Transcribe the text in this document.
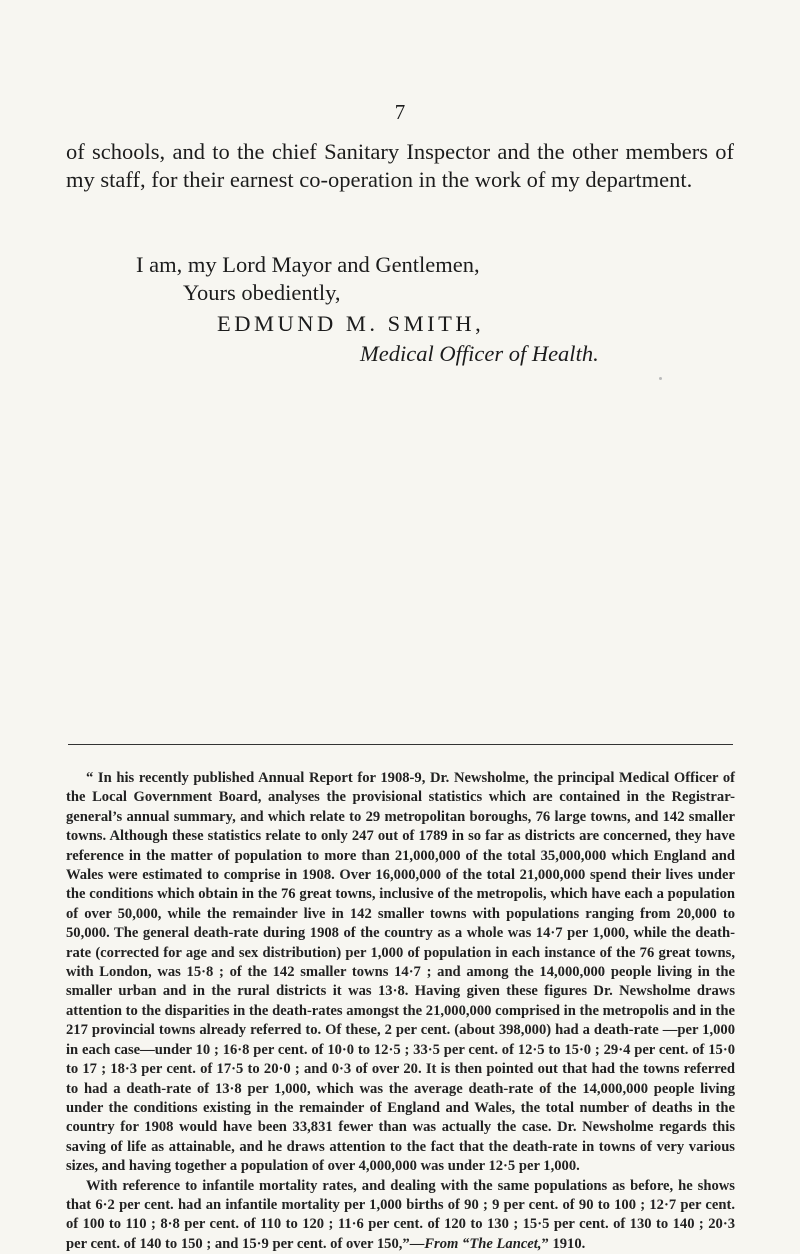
7

of schools, and to the chief Sanitary Inspector and the other members of my staff, for their earnest co-operation in the work of my department.

I am, my Lord Mayor and Gentlemen,
Yours obediently,
EDMUND M. SMITH,
Medical Officer of Health.

“ In his recently published Annual Report for 1908-9, Dr. Newsholme, the principal Medical Officer of the Local Government Board, analyses the provisional statistics which are contained in the Registrar-general’s annual summary, and which relate to 29 metropolitan boroughs, 76 large towns, and 142 smaller towns. Although these statistics relate to only 247 out of 1789 in so far as districts are concerned, they have reference in the matter of population to more than 21,000,000 of the total 35,000,000 which England and Wales were estimated to comprise in 1908. Over 16,000,000 of the total 21,000,000 spend their lives under the conditions which obtain in the 76 great towns, inclusive of the metropolis, which have each a population of over 50,000, while the remainder live in 142 smaller towns with populations ranging from 20,000 to 50,000. The general death-rate during 1908 of the country as a whole was 14·7 per 1,000, while the death-rate (corrected for age and sex distribution) per 1,000 of population in each instance of the 76 great towns, with London, was 15·8 ; of the 142 smaller towns 14·7 ; and among the 14,000,000 people living in the smaller urban and in the rural districts it was 13·8. Having given these figures Dr. Newsholme draws attention to the disparities in the death-rates amongst the 21,000,000 comprised in the metropolis and in the 217 provincial towns already referred to. Of these, 2 per cent. (about 398,000) had a death-rate —per 1,000 in each case—under 10 ; 16·8 per cent. of 10·0 to 12·5 ; 33·5 per cent. of 12·5 to 15·0 ; 29·4 per cent. of 15·0 to 17 ; 18·3 per cent. of 17·5 to 20·0 ; and 0·3 of over 20. It is then pointed out that had the towns referred to had a death-rate of 13·8 per 1,000, which was the average death-rate of the 14,000,000 people living under the conditions existing in the remainder of England and Wales, the total number of deaths in the country for 1908 would have been 33,831 fewer than was actually the case. Dr. Newsholme regards this saving of life as attainable, and he draws attention to the fact that the death-rate in towns of very various sizes, and having together a population of over 4,000,000 was under 12·5 per 1,000.

With reference to infantile mortality rates, and dealing with the same populations as before, he shows that 6·2 per cent. had an infantile mortality per 1,000 births of 90 ; 9 per cent. of 90 to 100 ; 12·7 per cent. of 100 to 110 ; 8·8 per cent. of 110 to 120 ; 11·6 per cent. of 120 to 130 ; 15·5 per cent. of 130 to 140 ; 20·3 per cent. of 140 to 150 ; and 15·9 per cent. of over 150,”—From “The Lancet,” 1910.
